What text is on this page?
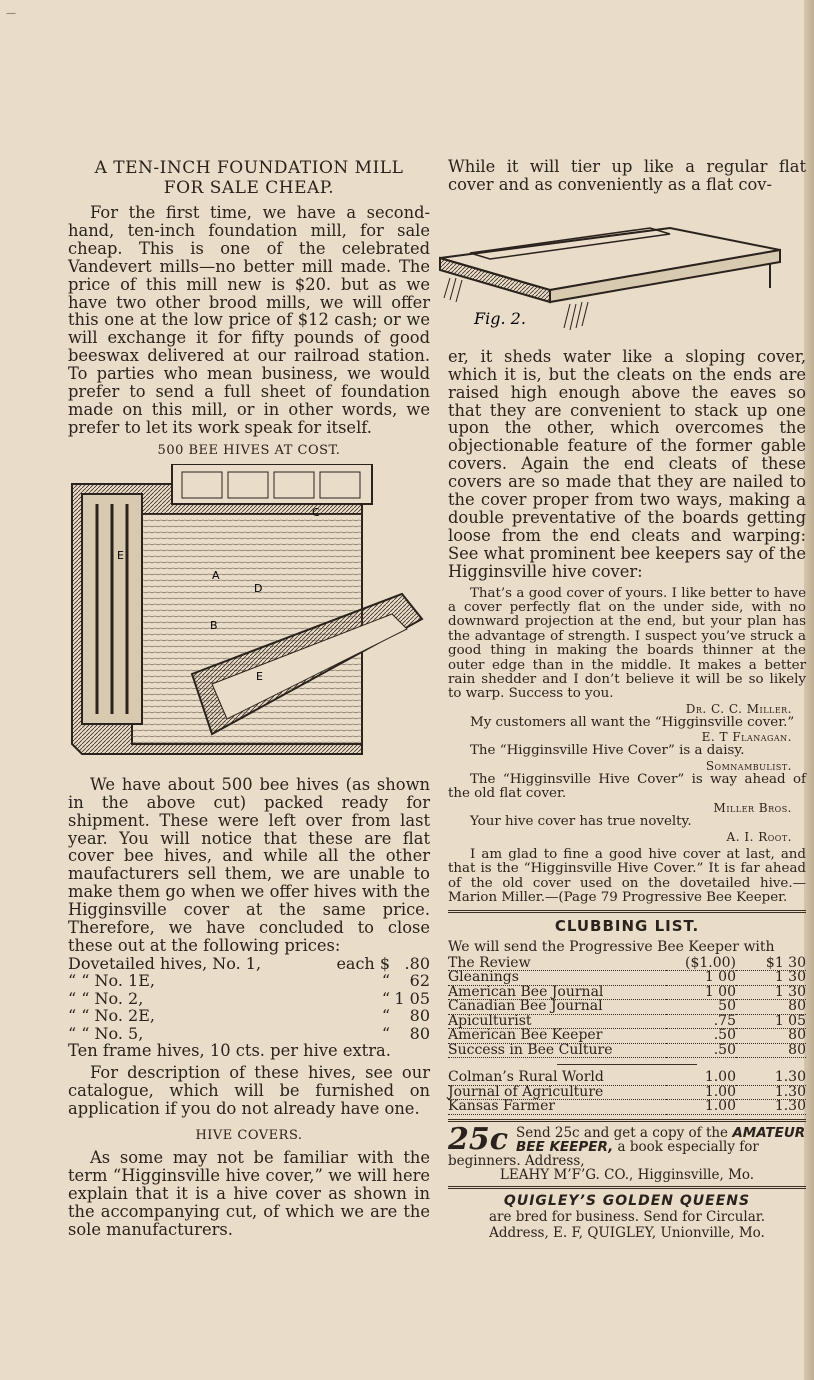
—

A TEN-INCH FOUNDATION MILL

FOR SALE CHEAP.

For the first time, we have a second-hand, ten-inch foundation mill, for sale cheap. This is one of the celebrated Vandevert mills—no better mill made. The price of this mill new is $20. but as we have two other brood mills, we will offer this one at the low price of $12 cash; or we will exchange it for fifty pounds of good beeswax delivered at our railroad station. To parties who mean business, we would prefer to send a full sheet of foundation made on this mill, or in other words, we prefer to let its work speak for itself.

500 BEE HIVES AT COST.

C
E
A
D
B
E

We have about 500 bee hives (as shown in the above cut) packed ready for shipment. These were left over from last year. You will notice that these are flat cover bee hives, and while all the other maufacturers sell them, we are unable to make them go when we offer hives with the Higginsville cover at the same price. Therefore, we have concluded to close these out at the following prices:

Dovetailed hives, No. 1,	each $	.80
“ “ No. 1E,	“	62
“ “ No. 2,	“	1 05
“ “ No. 2E,	“	80
“ “ No. 5,	“	80

Ten frame hives, 10 cts. per hive extra.

For description of these hives, see our catalogue, which will be furnished on application if you do not already have one.

HIVE COVERS.

As some may not be familiar with the term “Higginsville hive cover,” we will here explain that it is a hive cover as shown in the accompanying cut, of which we are the sole manufacturers.

While it will tier up like a regular flat cover and as conveniently as a flat cov-

Fig. 2.

er, it sheds water like a sloping cover, which it is, but the cleats on the ends are raised high enough above the eaves so that they are convenient to stack up one upon the other, which overcomes the objectionable feature of the former gable covers. Again the end cleats of these covers are so made that they are nailed to the cover proper from two ways, making a double preventative of the boards getting loose from the end cleats and warping: See what prominent bee keepers say of the Higginsville hive cover:

That’s a good cover of yours. I like better to have a cover perfectly flat on the under side, with no downward projection at the end, but your plan has the advantage of strength. I suspect you’ve struck a good thing in making the boards thinner at the outer edge than in the middle. It makes a better rain shedder and I don’t believe it will be so likely to warp. Success to you.

Dr. C. C. Miller.

My customers all want the “Higginsville cover.”

E. T Flanagan.

The “Higginsville Hive Cover” is a daisy.

Somnambulist.

The “Higginsville Hive Cover” is way ahead of the old flat cover.

Miller Bros.

Your hive cover has true novelty.

A. I. Root.

I am glad to fine a good hive cover at last, and that is the “Higginsville Hive Cover.” It is far ahead of the old cover used on the dovetailed hive.—Marion Miller.—(Page 79 Progressive Bee Keeper.

CLUBBING LIST.

We will send the Progressive Bee Keeper with

The Review	($1.00)	$1 30
Gleanings	1 00	1 30
American Bee Journal	1 00	1 30
Canadian Bee Journal	50	80
Apiculturist	.75	1 05
American Bee Keeper	.50	80
Success in Bee Culture	.50	80
Colman’s Rural World	1.00	1.30
Journal of Agriculture	1.00	1.30
Kansas Farmer	1.00	1.30
25c Send 25c and get a copy of the AMATEUR BEE KEEPER, a book especially for beginners. Address,

LEAHY M’F’G. CO., Higginsville, Mo.

QUIGLEY’S GOLDEN QUEENS

are bred for business. Send for Circular.

Address, E. F, QUIGLEY, Unionville, Mo.
